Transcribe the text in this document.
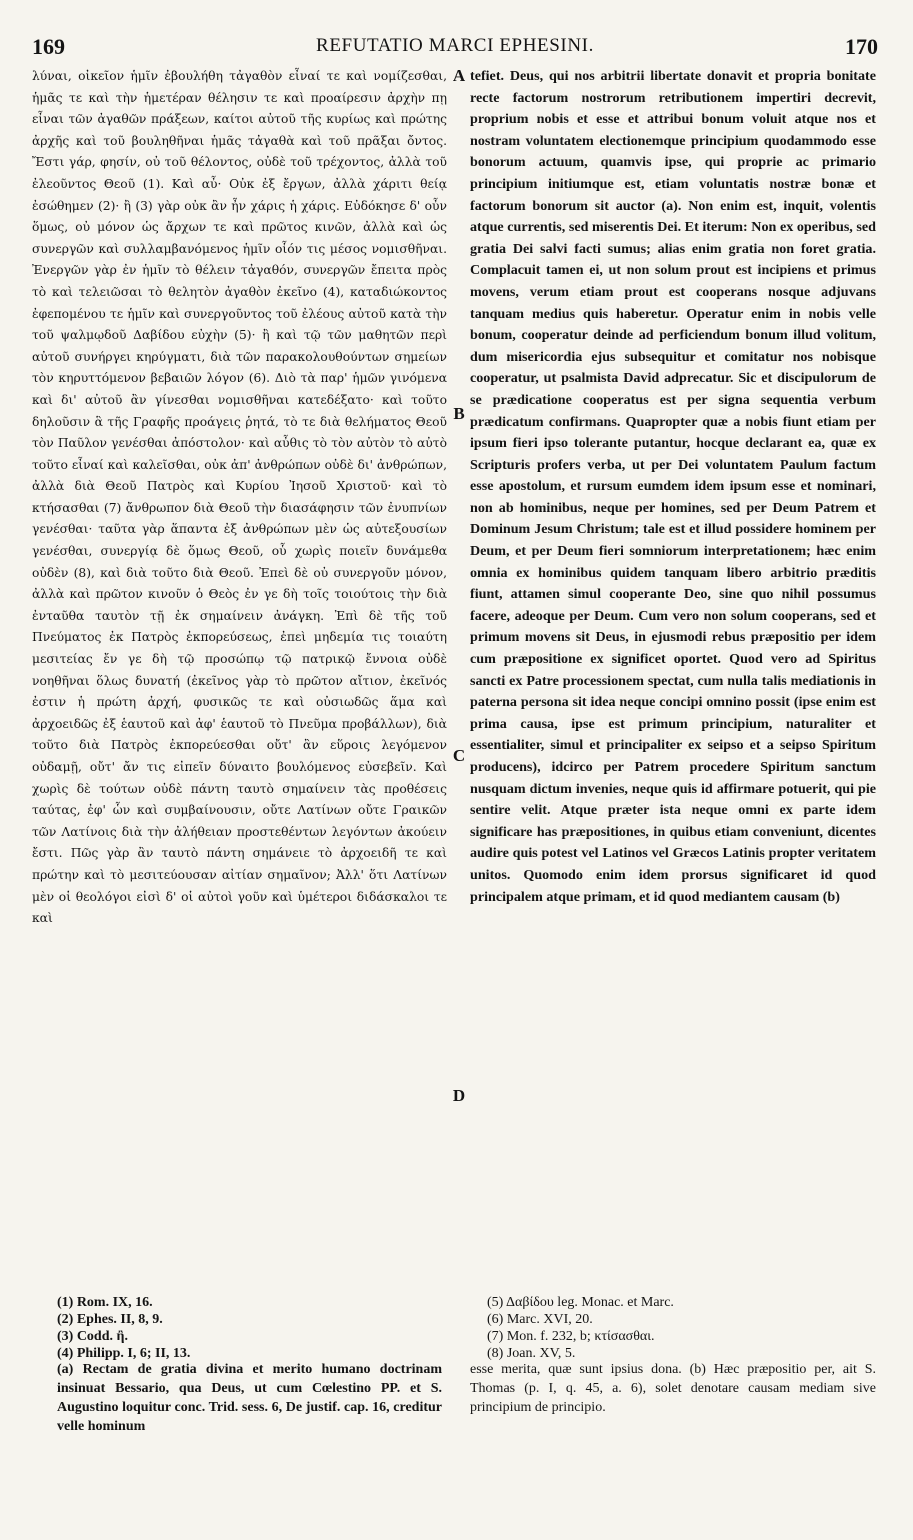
169	REFUTATIO MARCI EPHESINI.	170

λύναι, οἰκεῖον ἡμῖν ἐβουλήθη τἀγαθὸν εἶναί τε καὶ νομίζεσθαι, ἡμᾶς τε καὶ τὴν ἡμετέραν θέλησιν τε καὶ προαίρεσιν ἀρχὴν πῃ εἶναι τῶν ἀγαθῶν πράξεων, καίτοι αὐτοῦ τῆς κυρίως καὶ πρώτης ἀρχῆς καὶ τοῦ βουληθῆναι ἡμᾶς τἀγαθὰ καὶ τοῦ πρᾶξαι ὄντος. Ἔστι γάρ, φησίν, οὐ τοῦ θέλοντος, οὐδὲ τοῦ τρέχοντος, ἀλλὰ τοῦ ἐλεοῦντος Θεοῦ (1). Καὶ αὖ· Οὐκ ἐξ ἔργων, ἀλλὰ χάριτι θείᾳ ἐσώθημεν (2)· ἢ (3) γὰρ οὐκ ἂν ἦν χάρις ἡ χάρις. Εὐδόκησε δ' οὖν ὅμως, οὐ μόνον ὡς ἄρχων τε καὶ πρῶτος κινῶν, ἀλλὰ καὶ ὡς συνεργῶν καὶ συλλαμβανόμενος ἡμῖν οἷόν τις μέσος νομισθῆναι. Ἐνεργῶν γὰρ ἐν ἡμῖν τὸ θέλειν τἀγαθόν, συνεργῶν ἔπειτα πρὸς τὸ καὶ τελειῶσαι τὸ θελητὸν ἀγαθὸν ἐκεῖνο (4), καταδιώκοντος ἐφεπομένου τε ἡμῖν καὶ συνεργοῦντος τοῦ ἐλέους αὐτοῦ κατὰ τὴν τοῦ ψαλμῳδοῦ Δαβίδου εὐχὴν (5)· ἢ καὶ τῷ τῶν μαθητῶν περὶ αὐτοῦ συνήργει κηρύγματι, διὰ τῶν παρακολουθούντων σημείων τὸν κηρυττόμενον βεβαιῶν λόγον (6). Διὸ τὰ παρ' ἡμῶν γινόμενα καὶ δι' αὐτοῦ ἂν γίνεσθαι νομισθῆναι κατεδέξατο· καὶ τοῦτο δηλοῦσιν ἃ τῆς Γραφῆς προάγεις ῥητά, τὸ τε διὰ θελήματος Θεοῦ τὸν Παῦλον γενέσθαι ἀπόστολον· καὶ αὖθις τὸ τὸν αὐτὸν τὸ αὐτὸ τοῦτο εἶναί καὶ καλεῖσθαι, οὐκ ἀπ' ἀνθρώπων οὐδὲ δι' ἀνθρώπων, ἀλλὰ διὰ Θεοῦ Πατρὸς καὶ Κυρίου Ἰησοῦ Χριστοῦ· καὶ τὸ κτήσασθαι (7) ἄνθρωπον διὰ Θεοῦ τὴν διασάφησιν τῶν ἐνυπνίων γενέσθαι· ταῦτα γὰρ ἅπαντα ἐξ ἀνθρώπων μὲν ὡς αὐτεξουσίων γενέσθαι, συνεργίᾳ δὲ ὅμως Θεοῦ, οὗ χωρὶς ποιεῖν δυνάμεθα οὐδὲν (8), καὶ διὰ τοῦτο διὰ Θεοῦ. Ἐπεὶ δὲ οὐ συνεργοῦν μόνον, ἀλλὰ καὶ πρῶτον κινοῦν ὁ Θεὸς ἐν γε δὴ τοῖς τοιούτοις τὴν διὰ ἐνταῦθα ταυτὸν τῇ ἐκ σημαίνειν ἀνάγκη. Ἐπὶ δὲ τῆς τοῦ Πνεύματος ἐκ Πατρὸς ἐκπορεύσεως, ἐπεὶ μηδεμία τις τοιαύτη μεσιτείας ἔν γε δὴ τῷ προσώπῳ τῷ πατρικῷ ἔννοια οὐδὲ νοηθῆναι ὅλως δυνατή (ἐκεῖνος γὰρ τὸ πρῶτον αἴτιον, ἐκεῖνός ἐστιν ἡ πρώτη ἀρχή, φυσικῶς τε καὶ οὐσιωδῶς ἅμα καὶ ἀρχοειδῶς ἐξ ἑαυτοῦ καὶ ἀφ' ἑαυτοῦ τὸ Πνεῦμα προβάλλων), διὰ τοῦτο διὰ Πατρὸς ἐκπορεύεσθαι οὔτ' ἂν εὕροις λεγόμενον οὐδαμῇ, οὔτ' ἄν τις εἰπεῖν δύναιτο βουλόμενος εὐσεβεῖν. Καὶ χωρὶς δὲ τούτων οὐδὲ πάντη ταυτὸ σημαίνειν τὰς προθέσεις ταύτας, ἐφ' ὧν καὶ συμβαίνουσιν, οὔτε Λατίνων οὔτε Γραικῶν τῶν Λατίνοις διὰ τὴν ἀλήθειαν προστεθέντων λεγόντων ἀκούειν ἔστι. Πῶς γὰρ ἂν ταυτὸ πάντη σημάνειε τὸ ἀρχοειδῆ τε καὶ πρώτην καὶ τὸ μεσιτεύουσαν αἰτίαν σημαῖνον; Ἀλλ' ὅτι Λατίνων μὲν οἱ θεολόγοι εἰσὶ δ' οἱ αὐτοὶ γοῦν καὶ ὑμέτεροι διδάσκαλοι τε καὶ

A
B
C
D

tefiet. Deus, qui nos arbitrii libertate donavit et propria bonitate recte factorum nostrorum retributionem impertiri decrevit, proprium nobis et esse et attribui bonum voluit atque nos et nostram voluntatem electionemque principium quodammodo esse bonorum actuum, quamvis ipse, qui proprie ac primario principium initiumque est, etiam voluntatis nostræ bonæ et factorum bonorum sit auctor (a). Non enim est, inquit, volentis atque currentis, sed miserentis Dei. Et iterum: Non ex operibus, sed gratia Dei salvi facti sumus; alias enim gratia non foret gratia. Complacuit tamen ei, ut non solum prout est incipiens et primus movens, verum etiam prout est cooperans nosque adjuvans tanquam medius quis haberetur. Operatur enim in nobis velle bonum, cooperatur deinde ad perficiendum bonum illud volitum, dum misericordia ejus subsequitur et comitatur nos nobisque cooperatur, ut psalmista David adprecatur. Sic et discipulorum de se prædicatione cooperatus est per signa sequentia verbum prædicatum confirmans. Quapropter quæ a nobis fiunt etiam per ipsum fieri ipso tolerante putantur, hocque declarant ea, quæ ex Scripturis profers verba, ut per Dei voluntatem Paulum factum esse apostolum, et rursum eumdem idem ipsum esse et nominari, non ab hominibus, neque per homines, sed per Deum Patrem et Dominum Jesum Christum; tale est et illud possidere hominem per Deum, et per Deum fieri somniorum interpretationem; hæc enim omnia ex hominibus quidem tanquam libero arbitrio præditis fiunt, attamen simul cooperante Deo, sine quo nihil possumus facere, adeoque per Deum. Cum vero non solum cooperans, sed et primum movens sit Deus, in ejusmodi rebus præpositio per idem cum præpositione ex significet oportet. Quod vero ad Spiritus sancti ex Patre processionem spectat, cum nulla talis mediationis in paterna persona sit idea neque concipi omnino possit (ipse enim est prima causa, ipse est primum principium, naturaliter et essentialiter, simul et principaliter ex seipso et a seipso Spiritum producens), idcirco per Patrem procedere Spiritum sanctum nusquam dictum invenies, neque quis id affirmare potuerit, qui pie sentire velit. Atque præter ista neque omni ex parte idem significare has præpositiones, in quibus etiam conveniunt, dicentes audire quis potest vel Latinos vel Græcos Latinis propter veritatem unitos. Quomodo enim idem prorsus significaret id quod principalem atque primam, et id quod mediantem causam (b)

(1) Rom. IX, 16.
(2) Ephes. II, 8, 9.
(3) Codd. ἢ.
(4) Philipp. I, 6; II, 13.
(5) Δαβίδου leg. Monac. et Marc.
(6) Marc. XVI, 20.
(7) Mon. f. 232, b; κτίσασθαι.
(8) Joan. XV, 5.

(a) Rectam de gratia divina et merito humano doctrinam insinuat Bessario, qua Deus, ut cum Cœlestino PP. et S. Augustino loquitur conc. Trid. sess. 6, De justif. cap. 16, creditur velle hominum

esse merita, quæ sunt ipsius dona. (b) Hæc præpositio per, ait S. Thomas (p. I, q. 45, a. 6), solet denotare causam mediam sive principium de principio.
